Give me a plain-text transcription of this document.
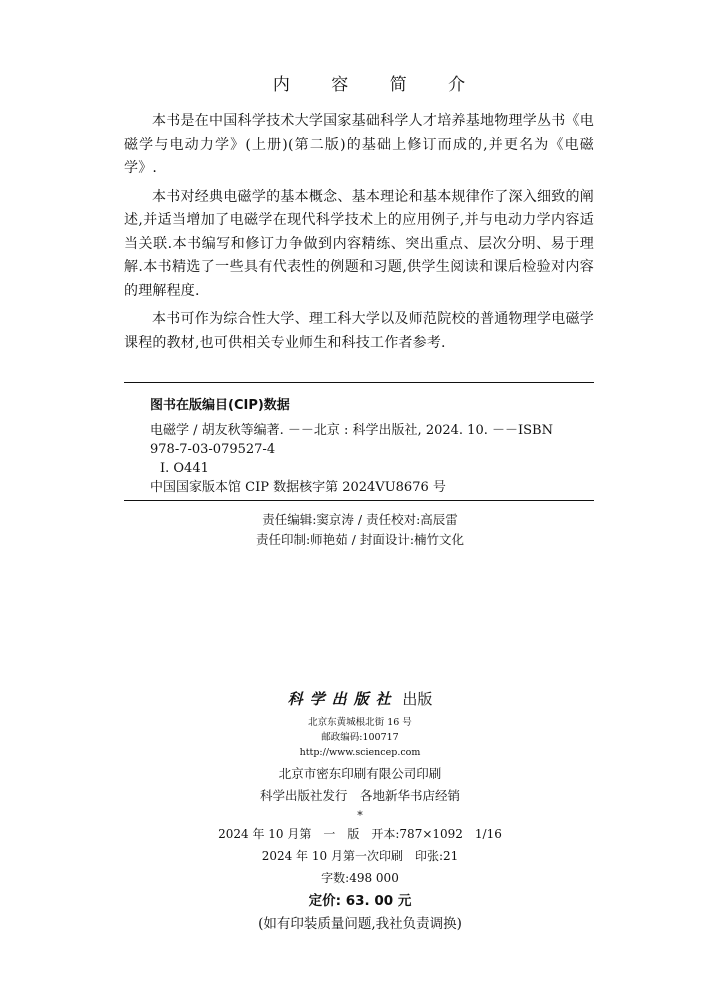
内 容 简 介

本书是在中国科学技术大学国家基础科学人才培养基地物理学丛书《电磁学与电动力学》(上册)(第二版)的基础上修订而成的,并更名为《电磁学》.

本书对经典电磁学的基本概念、基本理论和基本规律作了深入细致的阐述,并适当增加了电磁学在现代科学技术上的应用例子,并与电动力学内容适当关联.本书编写和修订力争做到内容精练、突出重点、层次分明、易于理解.本书精选了一些具有代表性的例题和习题,供学生阅读和课后检验对内容的理解程度.

本书可作为综合性大学、理工科大学以及师范院校的普通物理学电磁学课程的教材,也可供相关专业师生和科技工作者参考.

图书在版编目(CIP)数据
电磁学 / 胡友秋等编著. －－北京 : 科学出版社, 2024. 10. －－ISBN
978-7-03-079527-4
Ⅰ. O441
中国国家版本馆 CIP 数据核字第 2024VU8676 号
责任编辑:窦京涛 / 责任校对:高辰雷
责任印制:师艳茹 / 封面设计:楠竹文化
科学出版社 出版
北京东黄城根北街 16 号
邮政编码:100717
http://www.sciencep.com
北京市密东印刷有限公司印刷
科学出版社发行　各地新华书店经销
*
2024 年 10 月第　一　版　开本:787×1092　1/16
2024 年 10 月第一次印刷　印张:21
字数:498 000
定价: 63. 00 元
(如有印装质量问题,我社负责调换)
